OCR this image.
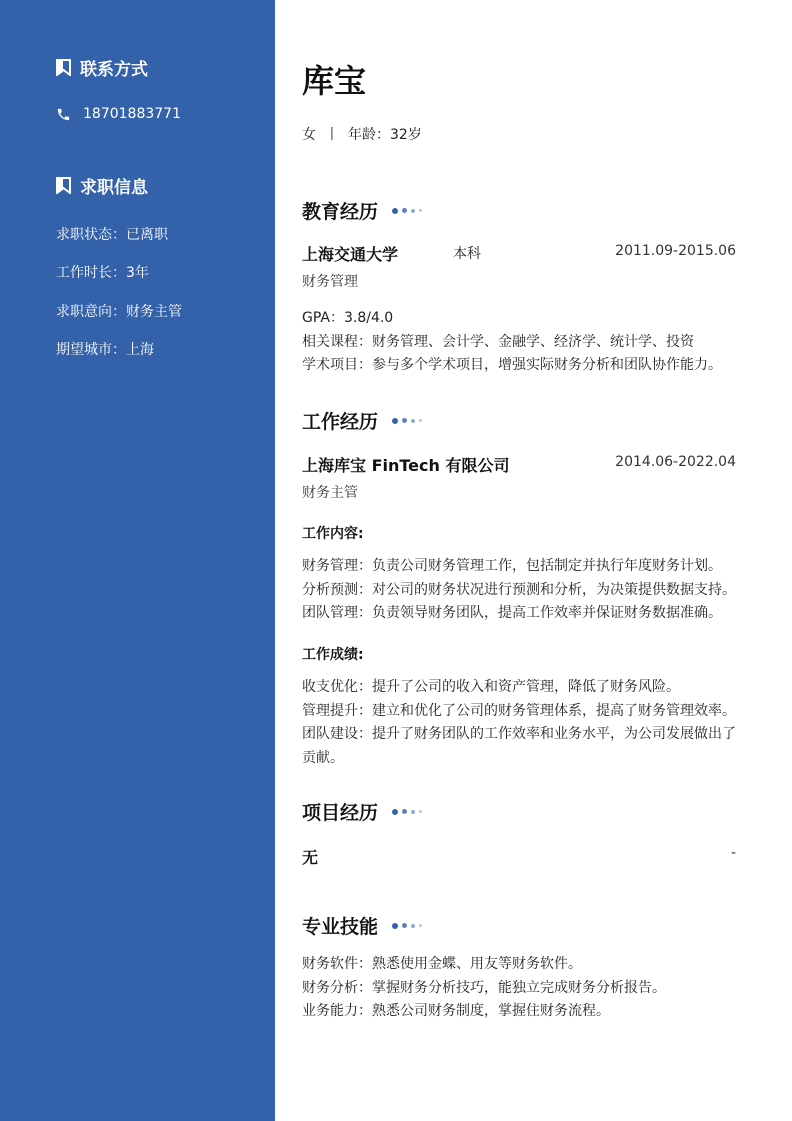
联系方式
18701883771
求职信息
求职状态：已离职
工作时长：3年
求职意向：财务主管
期望城市：上海
库宝
女 丨 年龄：32岁
教育经历
上海交通大学	本科	2011.09-2015.06
财务管理
GPA：3.8/4.0
相关课程：财务管理、会计学、金融学、经济学、统计学、投资
学术项目：参与多个学术项目，增强实际财务分析和团队协作能力。
工作经历
上海库宝 FinTech 有限公司	2014.06-2022.04
财务主管
工作内容:
财务管理：负责公司财务管理工作，包括制定并执行年度财务计划。
分析预测：对公司的财务状况进行预测和分析，为决策提供数据支持。
团队管理：负责领导财务团队，提高工作效率并保证财务数据准确。
工作成绩:
收支优化：提升了公司的收入和资产管理，降低了财务风险。
管理提升：建立和优化了公司的财务管理体系，提高了财务管理效率。
团队建设：提升了财务团队的工作效率和业务水平，为公司发展做出了贡献。
项目经历
无	-
专业技能
财务软件：熟悉使用金蝶、用友等财务软件。
财务分析：掌握财务分析技巧，能独立完成财务分析报告。
业务能力：熟悉公司财务制度，掌握住财务流程。
